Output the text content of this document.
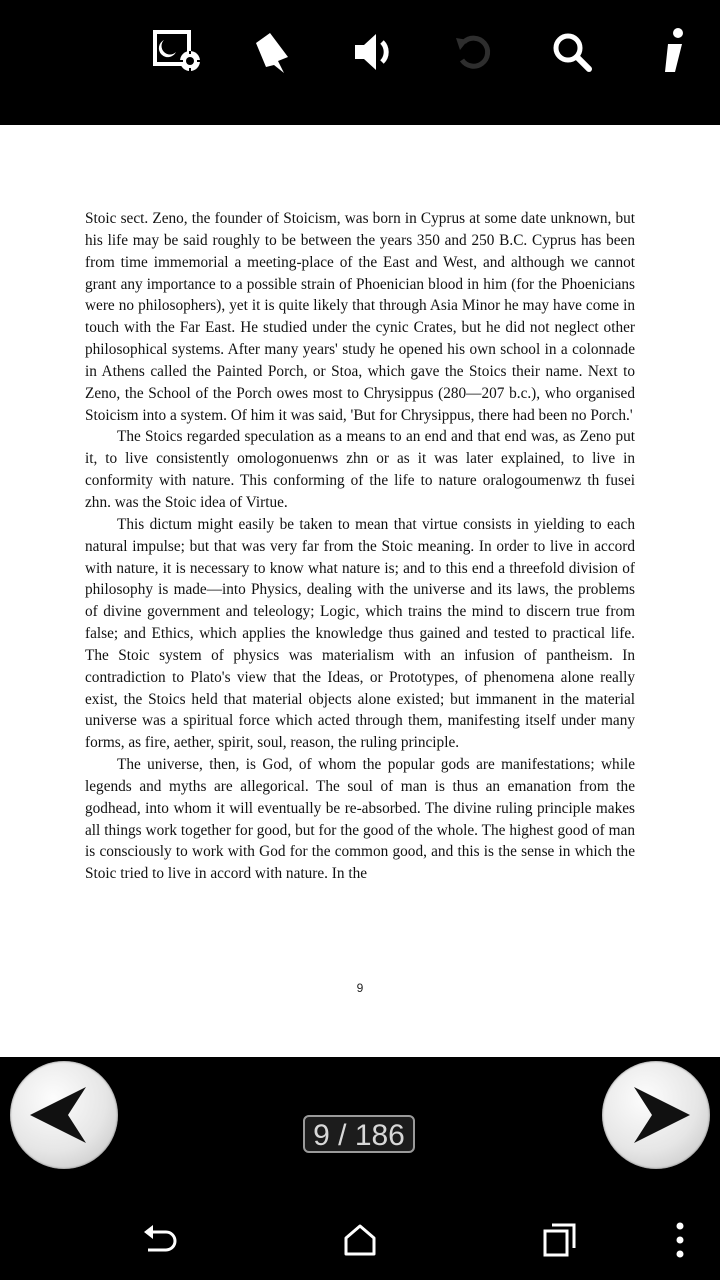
Stoic sect. Zeno, the founder of Stoicism, was born in Cyprus at some date unknown, but his life may be said roughly to be between the years 350 and 250 B.C. Cyprus has been from time immemorial a meeting-place of the East and West, and although we cannot grant any importance to a possible strain of Phoenician blood in him (for the Phoenicians were no philosophers), yet it is quite likely that through Asia Minor he may have come in touch with the Far East. He studied under the cynic Crates, but he did not neglect other philosophical systems. After many years' study he opened his own school in a colonnade in Athens called the Painted Porch, or Stoa, which gave the Stoics their name. Next to Zeno, the School of the Porch owes most to Chrysippus (280—207 b.c.), who organised Stoicism into a system. Of him it was said, 'But for Chrysippus, there had been no Porch.'

The Stoics regarded speculation as a means to an end and that end was, as Zeno put it, to live consistently omologonuenws zhn or as it was later explained, to live in conformity with nature. This conforming of the life to nature oralogoumenwz th fusei zhn. was the Stoic idea of Virtue.

This dictum might easily be taken to mean that virtue consists in yielding to each natural impulse; but that was very far from the Stoic meaning. In order to live in accord with nature, it is necessary to know what nature is; and to this end a threefold division of philosophy is made—into Physics, dealing with the universe and its laws, the problems of divine government and teleology; Logic, which trains the mind to discern true from false; and Ethics, which applies the knowledge thus gained and tested to practical life. The Stoic system of physics was materialism with an infusion of pantheism. In contradiction to Plato's view that the Ideas, or Prototypes, of phenomena alone really exist, the Stoics held that material objects alone existed; but immanent in the material universe was a spiritual force which acted through them, manifesting itself under many forms, as fire, aether, spirit, soul, reason, the ruling principle.

The universe, then, is God, of whom the popular gods are manifestations; while legends and myths are allegorical. The soul of man is thus an emanation from the godhead, into whom it will eventually be re-absorbed. The divine ruling principle makes all things work together for good, but for the good of the whole. The highest good of man is consciously to work with God for the common good, and this is the sense in which the Stoic tried to live in accord with nature. In the

9
9 / 186
